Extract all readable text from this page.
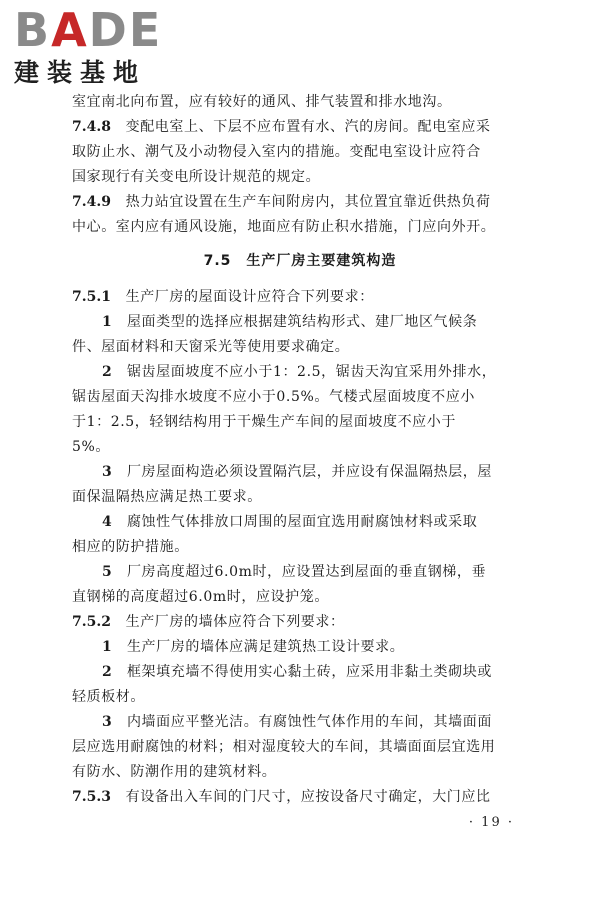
BADE
建装基地
室宜南北向布置，应有较好的通风、排气装置和排水地沟。
7.4.8　 变配电室上、下层不应布置有水、汽的房间。配电室应采
取防止水、潮气及小动物侵入室内的措施。变配电室设计应符合
国家现行有关变电所设计规范的规定。
7.4.9　 热力站宜设置在生产车间附房内，其位置宜靠近供热负荷
中心。室内应有通风设施，地面应有防止积水措施，门应向外开。
7.5　生产厂房主要建筑构造
7.5.1　 生产厂房的屋面设计应符合下列要求：
1　 屋面类型的选择应根据建筑结构形式、建厂地区气候条
件、屋面材料和天窗采光等使用要求确定。
2　 锯齿屋面坡度不应小于1：2.5，锯齿天沟宜采用外排水，
锯齿屋面天沟排水坡度不应小于0.5%。气楼式屋面坡度不应小
于1：2.5，轻钢结构用于干燥生产车间的屋面坡度不应小于
5%。
3　 厂房屋面构造必须设置隔汽层，并应设有保温隔热层，屋
面保温隔热应满足热工要求。
4　 腐蚀性气体排放口周围的屋面宜选用耐腐蚀材料或采取
相应的防护措施。
5　 厂房高度超过6.0m时，应设置达到屋面的垂直钢梯，垂
直钢梯的高度超过6.0m时，应设护笼。
7.5.2　 生产厂房的墙体应符合下列要求：
1　 生产厂房的墙体应满足建筑热工设计要求。
2　 框架填充墙不得使用实心黏土砖，应采用非黏土类砌块或
轻质板材。
3　 内墙面应平整光洁。有腐蚀性气体作用的车间，其墙面面
层应选用耐腐蚀的材料；相对湿度较大的车间，其墙面面层宜选用
有防水、防潮作用的建筑材料。
7.5.3　 有设备出入车间的门尺寸，应按设备尺寸确定，大门应比
· 19 ·
